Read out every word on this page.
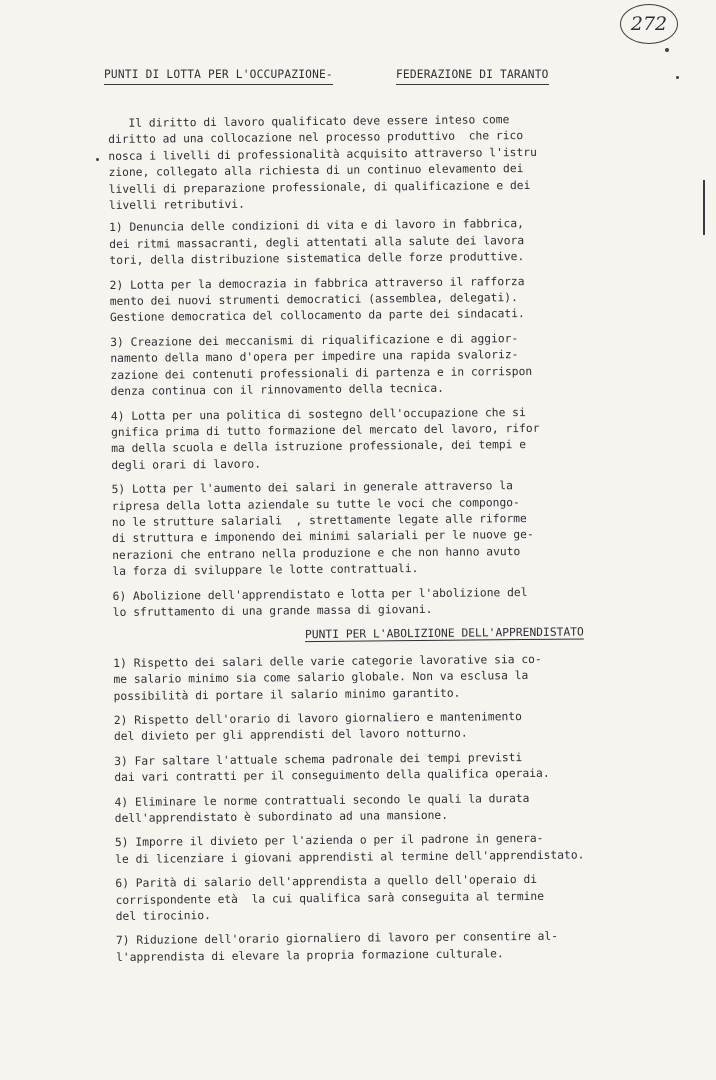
272
PUNTI DI LOTTA PER L'OCCUPAZIONE-	FEDERAZIONE DI TARANTO
Il diritto di lavoro qualificato deve essere inteso come
diritto ad una collocazione nel processo produttivo  che rico
nosca i livelli di professionalità acquisito attraverso l'istru
zione, collegato alla richiesta di un continuo elevamento dei
livelli di preparazione professionale, di qualificazione e dei
livelli retributivi.
1) Denuncia delle condizioni di vita e di lavoro in fabbrica,
dei ritmi massacranti, degli attentati alla salute dei lavora
tori, della distribuzione sistematica delle forze produttive.
2) Lotta per la democrazia in fabbrica attraverso il rafforza
mento dei nuovi strumenti democratici (assemblea, delegati).
Gestione democratica del collocamento da parte dei sindacati.
3) Creazione dei meccanismi di riqualificazione e di aggior-
namento della mano d'opera per impedire una rapida svaloriz-
zazione dei contenuti professionali di partenza e in corrispon
denza continua con il rinnovamento della tecnica.
4) Lotta per una politica di sostegno dell'occupazione che si
gnifica prima di tutto formazione del mercato del lavoro, rifor
ma della scuola e della istruzione professionale, dei tempi e
degli orari di lavoro.
5) Lotta per l'aumento dei salari in generale attraverso la
ripresa della lotta aziendale su tutte le voci che compongo-
no le strutture salariali  , strettamente legate alle riforme
di struttura e imponendo dei minimi salariali per le nuove ge-
nerazioni che entrano nella produzione e che non hanno avuto
la forza di sviluppare le lotte contrattuali.
6) Abolizione dell'apprendistato e lotta per l'abolizione del
lo sfruttamento di una grande massa di giovani.
PUNTI PER L'ABOLIZIONE DELL'APPRENDISTATO
1) Rispetto dei salari delle varie categorie lavorative sia co-
me salario minimo sia come salario globale. Non va esclusa la
possibilità di portare il salario minimo garantito.
2) Rispetto dell'orario di lavoro giornaliero e mantenimento
del divieto per gli apprendisti del lavoro notturno.
3) Far saltare l'attuale schema padronale dei tempi previsti
dai vari contratti per il conseguimento della qualifica operaia.
4) Eliminare le norme contrattuali secondo le quali la durata
dell'apprendistato è subordinato ad una mansione.
5) Imporre il divieto per l'azienda o per il padrone in genera-
le di licenziare i giovani apprendisti al termine dell'apprendistato.
6) Parità di salario dell'apprendista a quello dell'operaio di
corrispondente età  la cui qualifica sarà conseguita al termine
del tirocinio.
7) Riduzione dell'orario giornaliero di lavoro per consentire al-
l'apprendista di elevare la propria formazione culturale.
